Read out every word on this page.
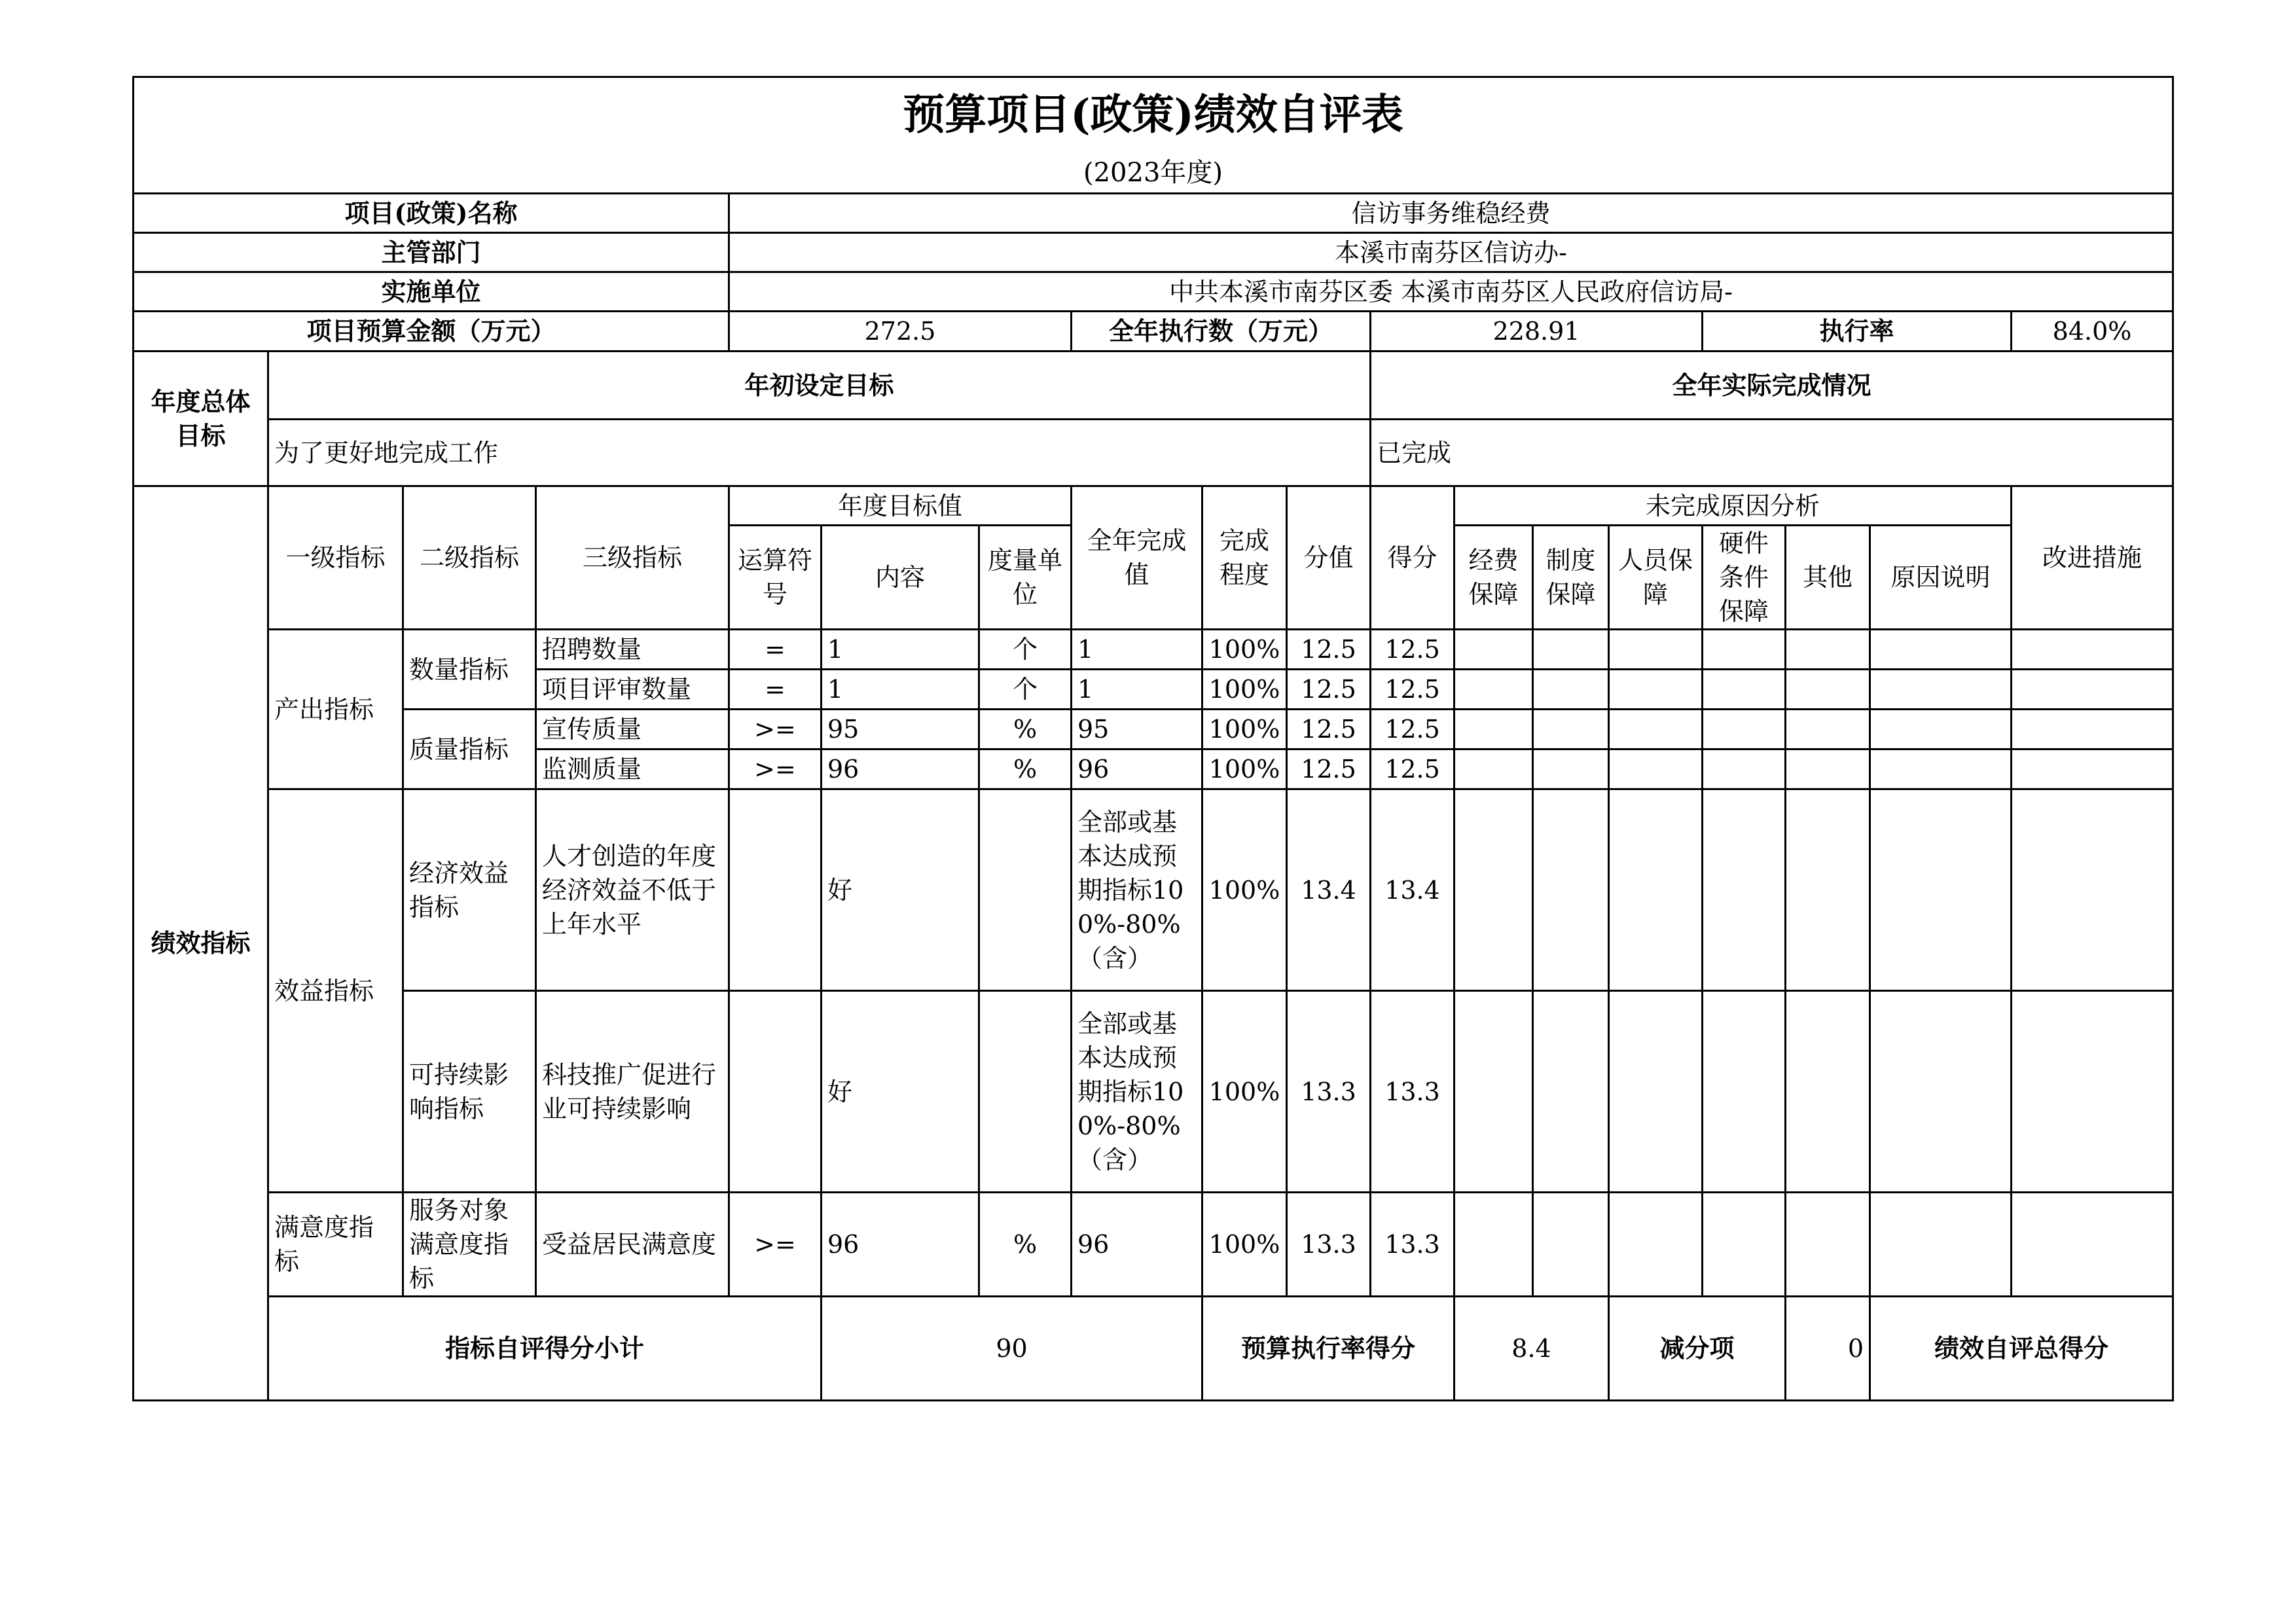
预算项目(政策)绩效自评表																		
(2023年度)																		
项目(政策)名称				信访事务维稳经费														
主管部门				本溪市南芬区信访办-														
实施单位				中共本溪市南芬区委 本溪市南芬区人民政府信访局-														
项目预算金额（万元）				272.5			全年执行数（万元）			228.91				执行率			84.0%	
年度总体目标	年初设定目标									全年实际完成情况								
	为了更好地完成工作									已完成								
绩效指标	一级指标	二级指标	三级指标	年度目标值			全年完成值	完成程度	分值	得分	未完成原因分析						改进措施	
				运算符号	内容	度量单位					经费保障	制度保障	人员保障	硬件条件保障	其他	原因说明		
	产出指标	数量指标	招聘数量	=	1	个	1	100%	12.5	12.5								
			项目评审数量	=	1	个	1	100%	12.5	12.5								
		质量指标	宣传质量	>=	95	%	95	100%	12.5	12.5								
			监测质量	>=	96	%	96	100%	12.5	12.5								
	效益指标	经济效益指标	人才创造的年度经济效益不低于上年水平		好		全部或基本达成预期指标100%-80%（含）	100%	13.4	13.4								
		可持续影响指标	科技推广促进行业可持续影响		好		全部或基本达成预期指标100%-80%（含）	100%	13.3	13.3								
	满意度指标	服务对象满意度指标	受益居民满意度	>=	96	%	96	100%	13.3	13.3								
	指标自评得分小计				90			预算执行率得分			8.4		减分项		0	绩效自评总得分	
